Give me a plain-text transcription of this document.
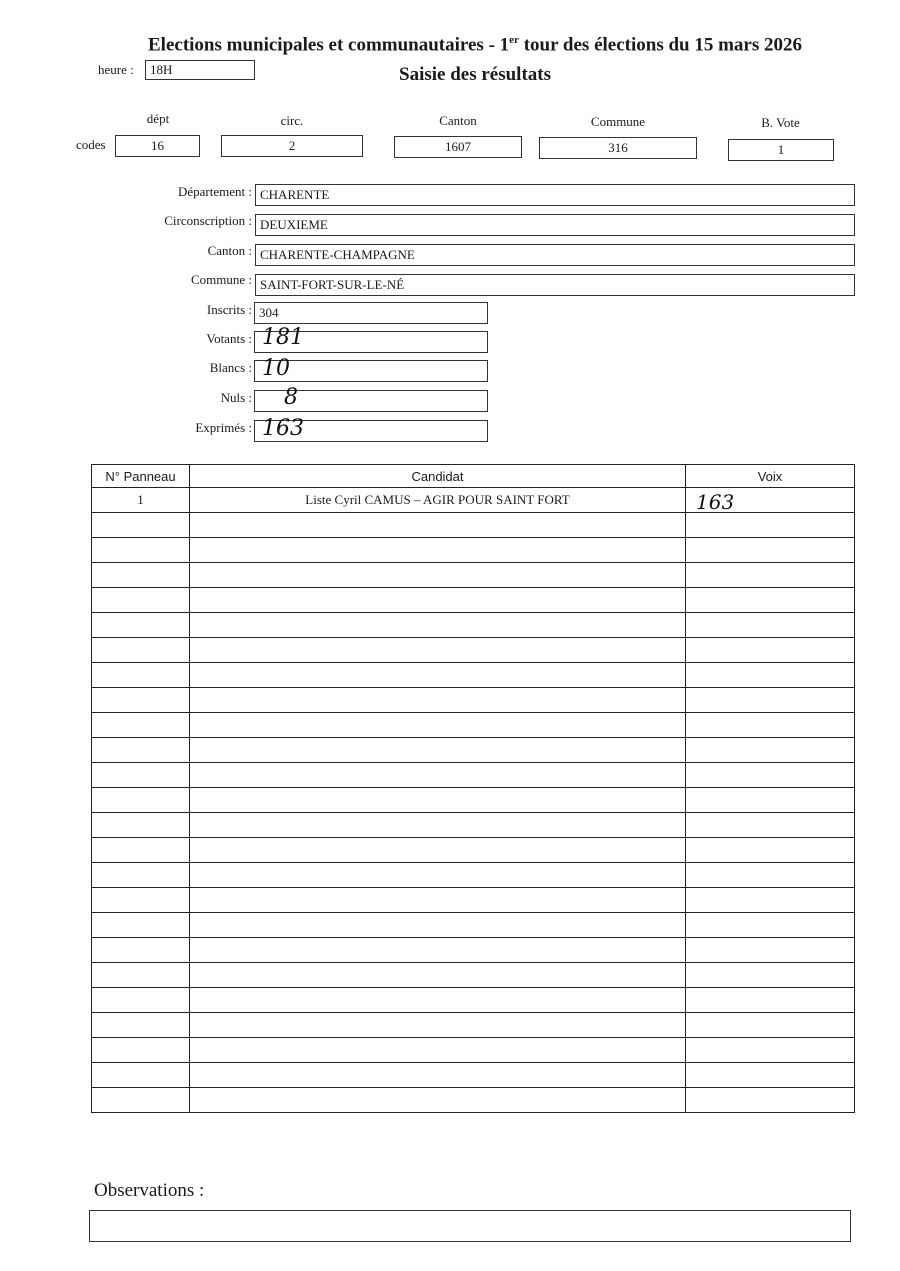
Elections municipales et communautaires - 1er tour des élections du 15 mars 2026
Saisie des résultats
heure :	18H
dépt	circ.	Canton	Commune	B. Vote
codes	16	2	1607	316	1
Département : CHARENTE
Circonscription : DEUXIEME
Canton : CHARENTE-CHAMPAGNE
Commune : SAINT-FORT-SUR-LE-NÉ
Inscrits : 304
Votants : 181
Blancs : 10
Nuls : 8
Exprimés : 163
N° Panneau	Candidat	Voix
1	Liste Cyril CAMUS – AGIR POUR SAINT FORT	163

Observations :
